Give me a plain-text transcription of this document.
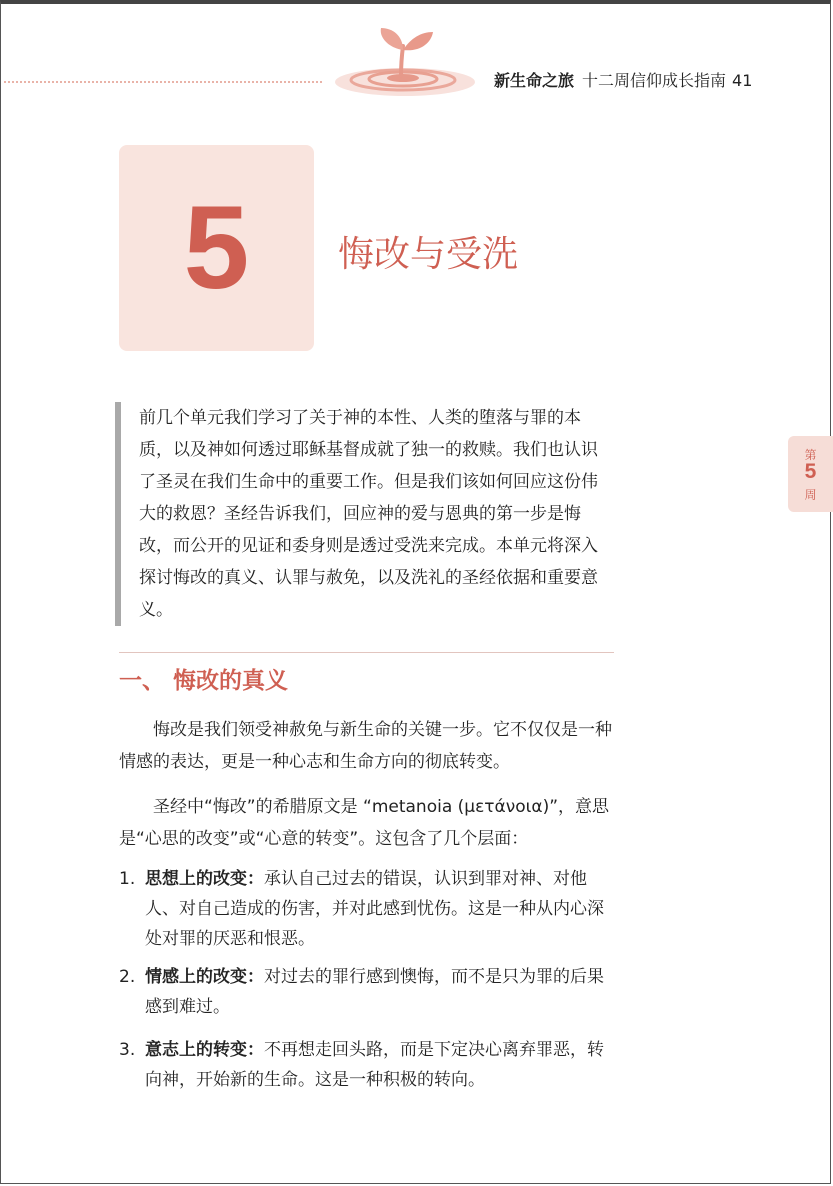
新生命之旅 十二周信仰成长指南 41
5 悔改与受洗
第
5
周
前几个单元我们学习了关于神的本性、人类的堕落与罪的本质，以及神如何透过耶稣基督成就了独一的救赎。我们也认识了圣灵在我们生命中的重要工作。但是我们该如何回应这份伟大的救恩？圣经告诉我们，回应神的爱与恩典的第一步是悔改，而公开的见证和委身则是透过受洗来完成。本单元将深入探讨悔改的真义、认罪与赦免，以及洗礼的圣经依据和重要意义。
一、 悔改的真义
悔改是我们领受神赦免与新生命的关键一步。它不仅仅是一种情感的表达，更是一种心志和生命方向的彻底转变。
圣经中“悔改”的希腊原文是 “metanoia (μετάνοια)”，意思是“心思的改变”或“心意的转变”。这包含了几个层面：
1. 思想上的改变：承认自己过去的错误，认识到罪对神、对他人、对自己造成的伤害，并对此感到忧伤。这是一种从内心深处对罪的厌恶和恨恶。
2. 情感上的改变：对过去的罪行感到懊悔，而不是只为罪的后果感到难过。
3. 意志上的转变：不再想走回头路，而是下定决心离弃罪恶，转向神，开始新的生命。这是一种积极的转向。
